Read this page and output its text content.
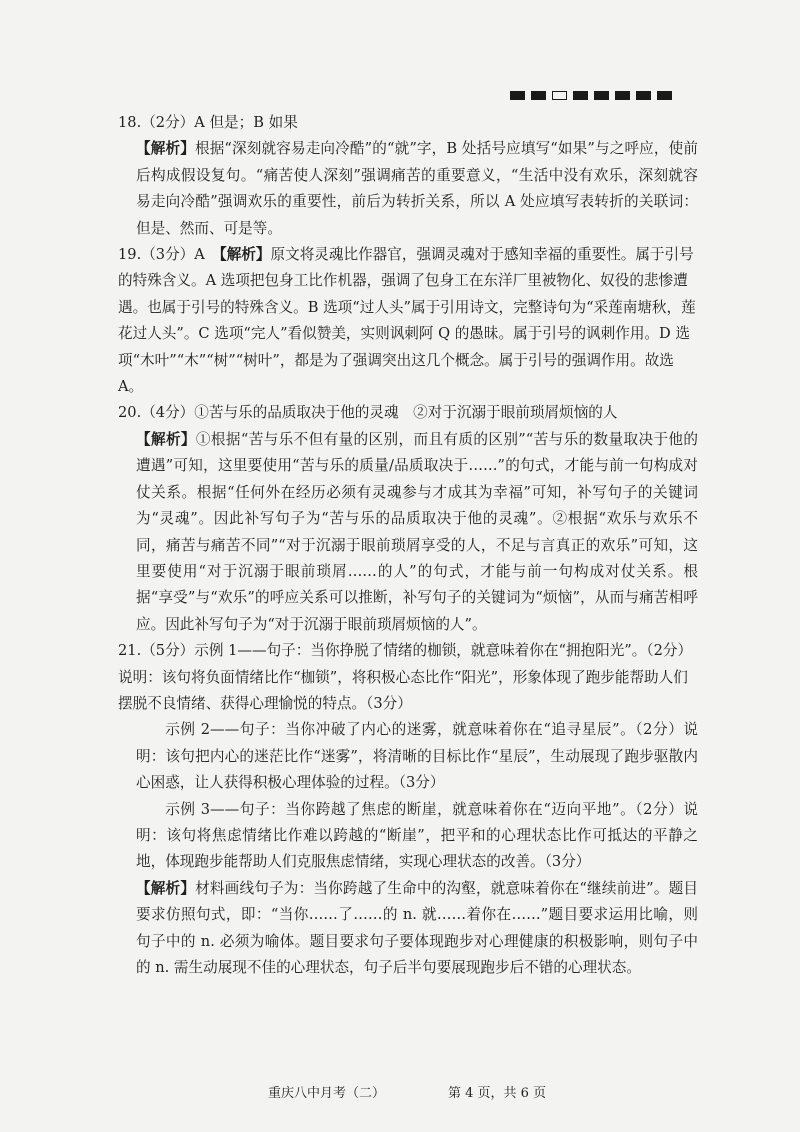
18.（2分）A 但是；B 如果

【解析】根据“深刻就容易走向冷酷”的“就”字，B 处括号应填写“如果”与之呼应，使前后构成假设复句。“痛苦使人深刻”强调痛苦的重要意义，“生活中没有欢乐，深刻就容易走向冷酷”强调欢乐的重要性，前后为转折关系，所以 A 处应填写表转折的关联词：但是、然而、可是等。

19.（3分）A　 【解析】原文将灵魂比作器官，强调灵魂对于感知幸福的重要性。属于引号的特殊含义。A 选项把包身工比作机器，强调了包身工在东洋厂里被物化、奴役的悲惨遭遇。也属于引号的特殊含义。B 选项“过人头”属于引用诗文，完整诗句为“采莲南塘秋，莲花过人头”。C 选项“完人”看似赞美，实则讽刺阿 Q 的愚昧。属于引号的讽刺作用。D 选项“木叶”“木”“树”“树叶”，都是为了强调突出这几个概念。属于引号的强调作用。故选 A。

20.（4分）①苦与乐的品质取决于他的灵魂　②对于沉溺于眼前琐屑烦恼的人

【解析】①根据“苦与乐不但有量的区别，而且有质的区别”“苦与乐的数量取决于他的遭遇”可知，这里要使用“苦与乐的质量/品质取决于……”的句式，才能与前一句构成对仗关系。根据“任何外在经历必须有灵魂参与才成其为幸福”可知，补写句子的关键词为“灵魂”。因此补写句子为“苦与乐的品质取决于他的灵魂”。②根据“欢乐与欢乐不同，痛苦与痛苦不同”“对于沉溺于眼前琐屑享受的人，不足与言真正的欢乐”可知，这里要使用“对于沉溺于眼前琐屑……的人”的句式，才能与前一句构成对仗关系。根据“享受”与“欢乐”的呼应关系可以推断，补写句子的关键词为“烦恼”，从而与痛苦相呼应。因此补写句子为“对于沉溺于眼前琐屑烦恼的人”。

21.（5分）示例 1——句子：当你挣脱了情绪的枷锁，就意味着你在“拥抱阳光”。（2分）说明：该句将负面情绪比作“枷锁”，将积极心态比作“阳光”，形象体现了跑步能帮助人们摆脱不良情绪、获得心理愉悦的特点。（3分）

示例 2——句子：当你冲破了内心的迷雾，就意味着你在“追寻星辰”。（2分）说明：该句把内心的迷茫比作“迷雾”，将清晰的目标比作“星辰”，生动展现了跑步驱散内心困惑，让人获得积极心理体验的过程。（3分）

示例 3——句子：当你跨越了焦虑的断崖，就意味着你在“迈向平地”。（2分）说明：该句将焦虑情绪比作难以跨越的“断崖”，把平和的心理状态比作可抵达的平静之地，体现跑步能帮助人们克服焦虑情绪，实现心理状态的改善。（3分）

【解析】材料画线句子为：当你跨越了生命中的沟壑，就意味着你在“继续前进”。题目要求仿照句式，即：“当你……了……的 n. 就……着你在……”题目要求运用比喻，则句子中的 n. 必须为喻体。题目要求句子要体现跑步对心理健康的积极影响，则句子中的 n. 需生动展现不佳的心理状态，句子后半句要展现跑步后不错的心理状态。

重庆八中月考（二）	第 4 页，共 6 页
